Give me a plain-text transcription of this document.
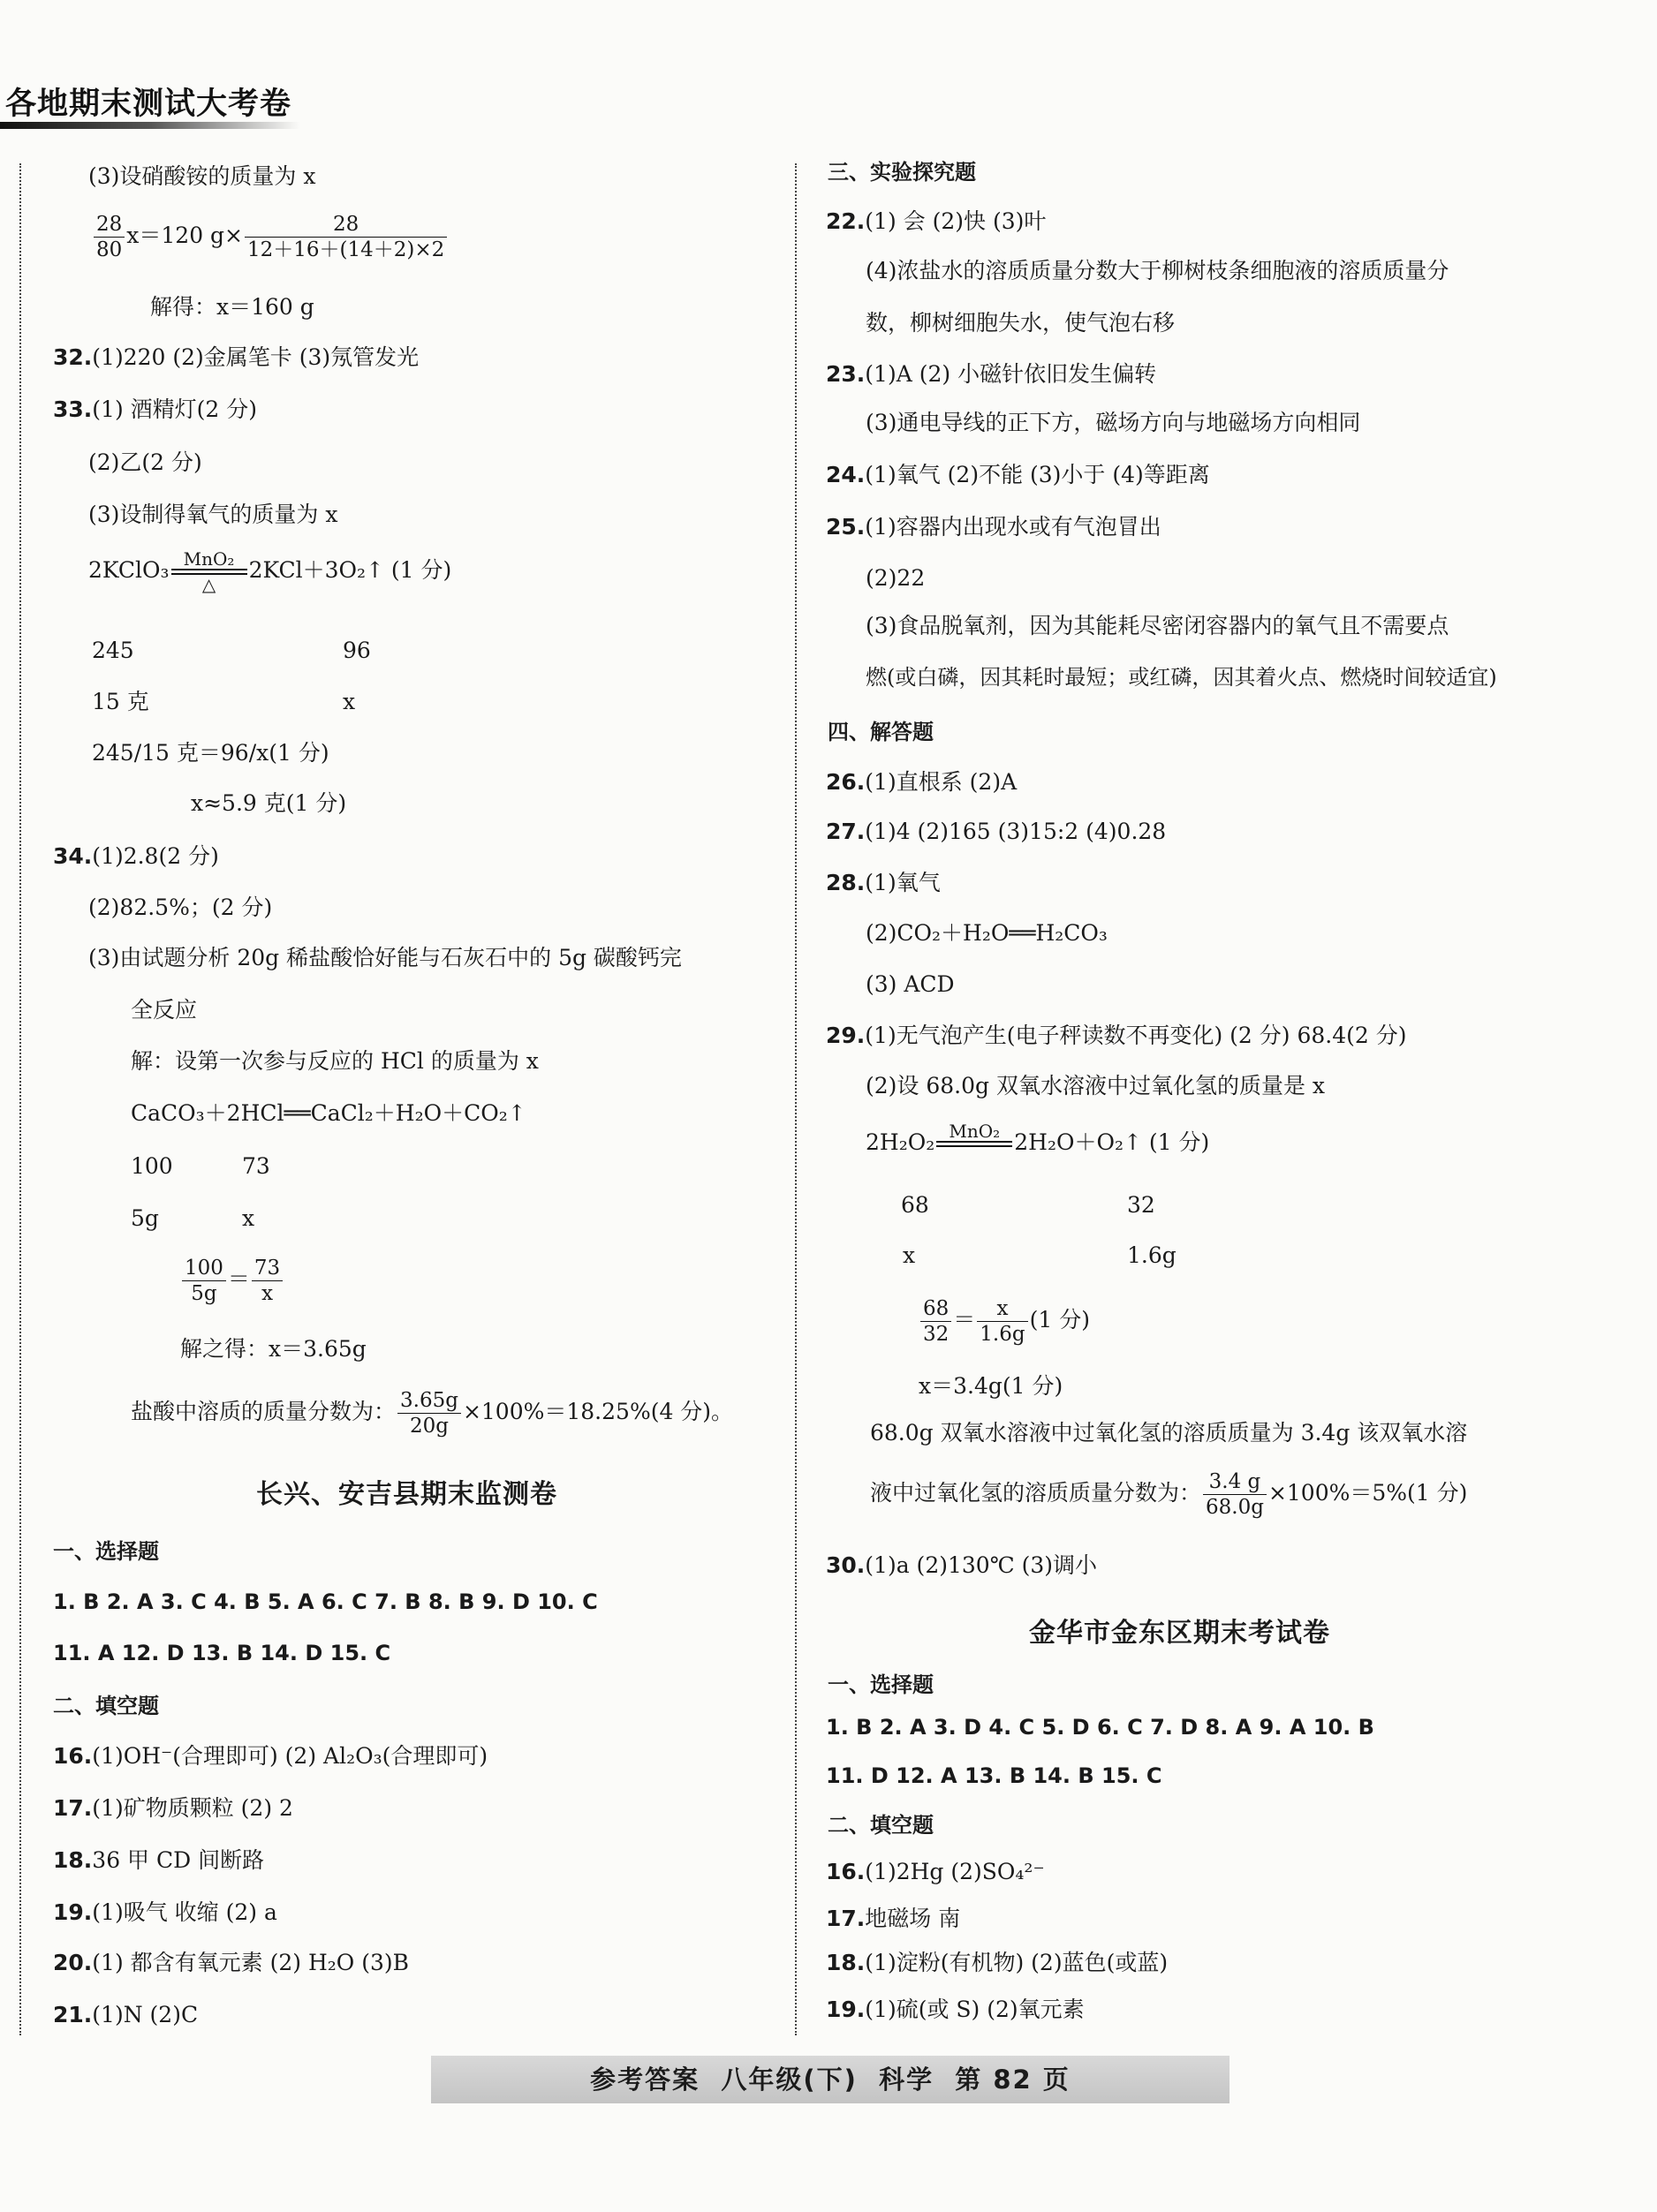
各地期末测试大考卷
(3)设硝酸铵的质量为 x
$\frac{28}{80} x=120$ $g\times \frac{28}{12+16+(14+2)\times 2}$
解得：x＝160 g
32.(1)220 (2)金属笔卡 (3)氖管发光
33.(1) 酒精灯(2 分)
(2)乙(2 分)
(3)设制得氧气的质量为 x
2KClO₃ MnO₂
△
2KCl＋3O₂↑ (1 分)
245	96
15 克	x
245/15 克＝96/x(1 分)
x≈5.9 克(1 分)
34.(1)2.8(2 分)
(2)82.5%；(2 分)
(3)由试题分析 20g 稀盐酸恰好能与石灰石中的 5g 碳酸钙完
全反应
解：设第一次参与反应的 HCl 的质量为 x
CaCO₃＋2HCl══CaCl₂＋H₂O＋CO₂↑
100	73
5g	x
$\frac{100}{5g} = \frac{73}{x}$
解之得：x＝3.65g
盐酸中溶质的质量分数为： $\frac{3.65g}{20g} \times 100\%=18.25\%(4$ 分)。
长兴、安吉县期末监测卷
一、选择题
1. B 2. A 3. C 4. B 5. A 6. C 7. B 8. B 9. D 10. C
11. A 12. D 13. B 14. D 15. C
二、填空题
16.(1)OH⁻(合理即可) (2) Al₂O₃(合理即可)
17.(1)矿物质颗粒 (2) 2
18.36 甲 CD 间断路
19.(1)吸气 收缩 (2) a
20.(1) 都含有氧元素 (2) H₂O (3)B
21.(1)N (2)C
三、实验探究题
22.(1) 会 (2)快 (3)叶
(4)浓盐水的溶质质量分数大于柳树枝条细胞液的溶质质量分
数，柳树细胞失水，使气泡右移
23.(1)A (2) 小磁针依旧发生偏转
(3)通电导线的正下方，磁场方向与地磁场方向相同
24.(1)氧气 (2)不能 (3)小于 (4)等距离
25.(1)容器内出现水或有气泡冒出
(2)22
(3)食品脱氧剂，因为其能耗尽密闭容器内的氧气且不需要点
燃(或白磷，因其耗时最短；或红磷，因其着火点、燃烧时间较适宜)
四、解答题
26.(1)直根系 (2)A
27.(1)4 (2)165 (3)15:2 (4)0.28
28.(1)氧气
(2)CO₂＋H₂O══H₂CO₃
(3) ACD
29.(1)无气泡产生(电子秤读数不再变化) (2 分) 68.4(2 分)
(2)设 68.0g 双氧水溶液中过氧化氢的质量是 x
2H₂O₂ MnO₂ 2H₂O＋O₂↑ (1 分)
68	32
x	1.6g
$\frac{68}{32} = \frac{x}{1.6g} (1$ 分)
x＝3.4g(1 分)
68.0g 双氧水溶液中过氧化氢的溶质质量为 3.4g 该双氧水溶
液中过氧化氢的溶质质量分数为： $\frac{3.4 g}{68.0g} \times 100\%=5\%(1$ 分)
30.(1)a (2)130℃ (3)调小
金华市金东区期末考试卷
一、选择题
1. B 2. A 3. D 4. C 5. D 6. C 7. D 8. A 9. A 10. B
11. D 12. A 13. B 14. B 15. C
二、填空题
16.(1)2Hg (2)SO₄²⁻
17.地磁场 南
18.(1)淀粉(有机物) (2)蓝色(或蓝)
19.(1)硫(或 S) (2)氧元素
参考答案  八年级(下)  科学  第 82 页
